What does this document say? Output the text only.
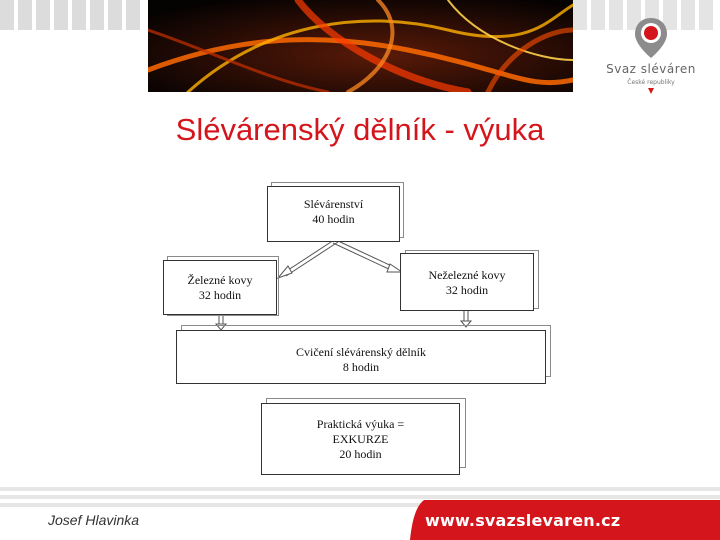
Svaz sléváren
České republiky
Slévárenský dělník - výuka
Slévárenství
40 hodin
Železné kovy
32 hodin
Neželezné kovy
32 hodin
Cvičení slévárenský dělník
8 hodin
Praktická výuka =
EXKURZE
20 hodin
Josef Hlavinka	www.svazslevaren.cz
